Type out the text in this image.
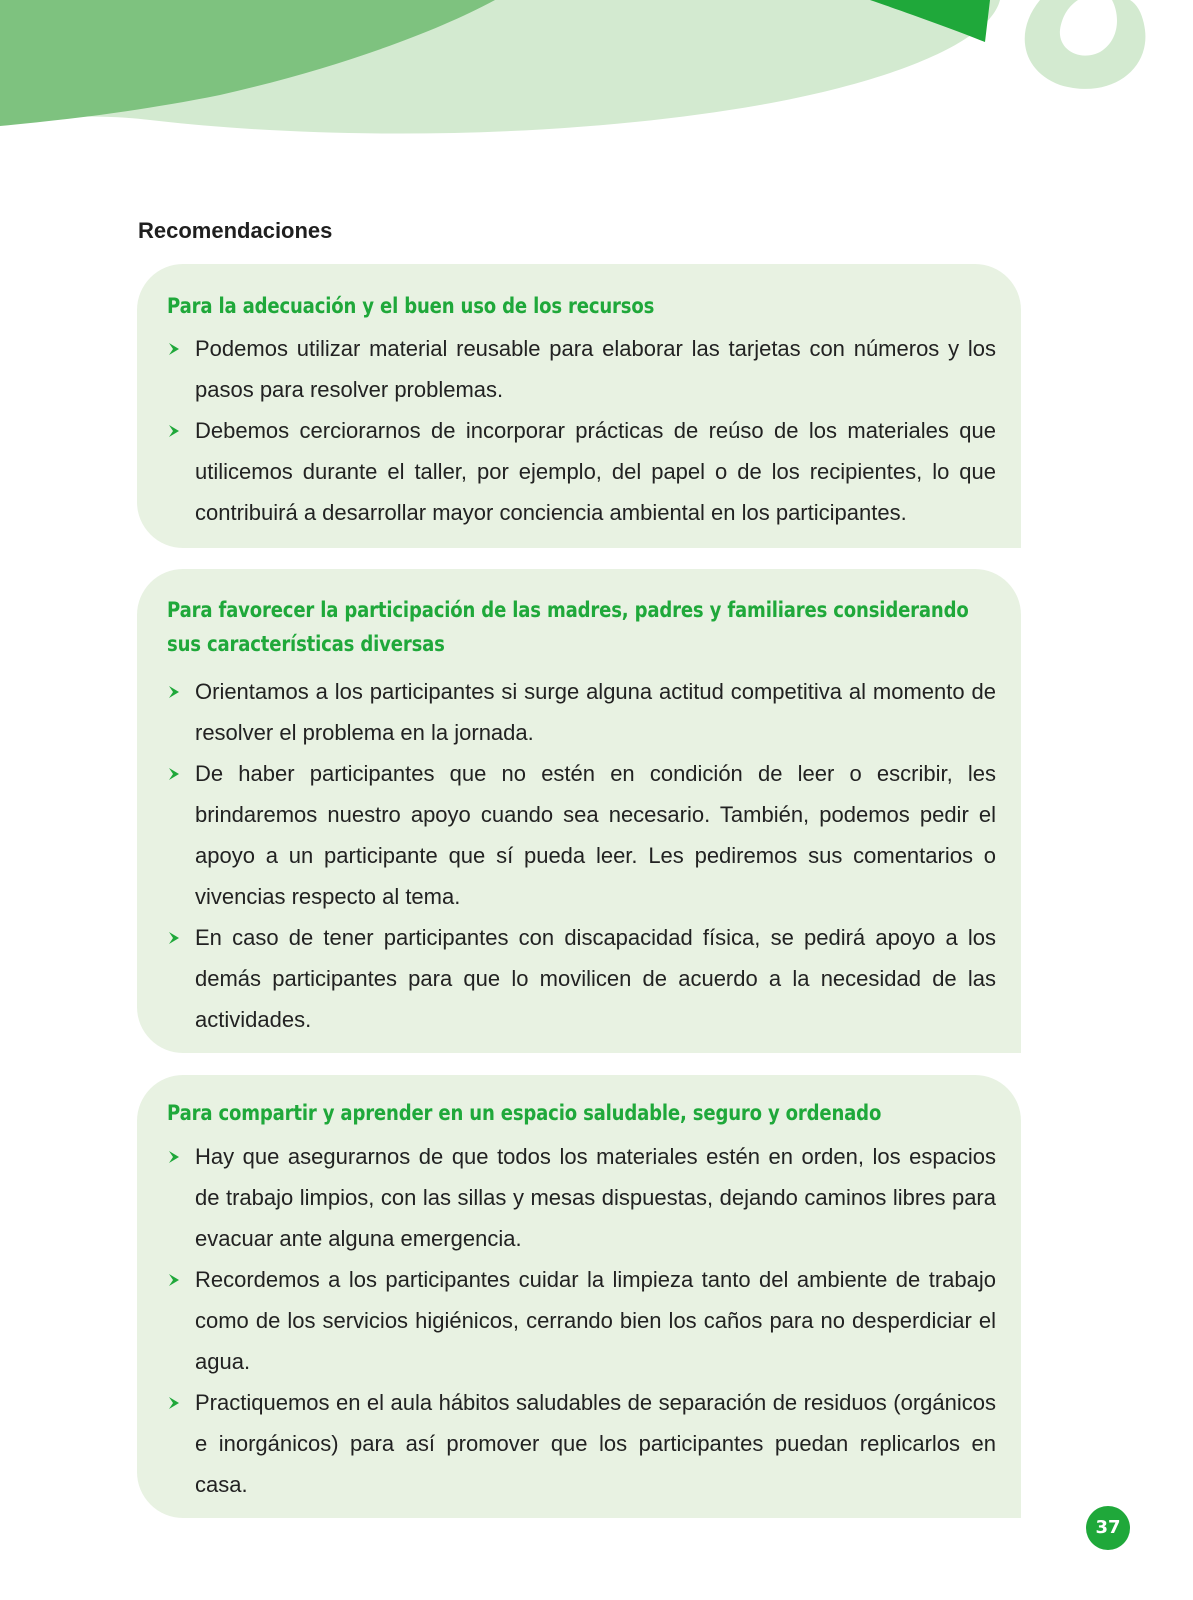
Recomendaciones
Para la adecuación y el buen uso de los recursos
Podemos utilizar material reusable para elaborar las tarjetas con números y los pasos para resolver problemas.
Debemos cerciorarnos de incorporar prácticas de reúso de los materiales que utilicemos durante el taller, por ejemplo, del papel o de los recipientes, lo que contribuirá a desarrollar mayor conciencia ambiental en los participantes.
Para favorecer la participación de las madres, padres y familiares considerando sus características diversas
Orientamos a los participantes si surge alguna actitud competitiva al momento de resolver el problema en la jornada.
De haber participantes que no estén en condición de leer o escribir, les brindaremos nuestro apoyo cuando sea necesario. También, podemos pedir el apoyo a un participante que sí pueda leer. Les pediremos sus comentarios o vivencias respecto al tema.
En caso de tener participantes con discapacidad física, se pedirá apoyo a los demás participantes para que lo movilicen de acuerdo a la necesidad de las actividades.
Para compartir y aprender en un espacio saludable, seguro y ordenado
Hay que asegurarnos de que todos los materiales estén en orden, los espacios de trabajo limpios, con las sillas y mesas dispuestas, dejando caminos libres para evacuar ante alguna emergencia.
Recordemos a los participantes cuidar la limpieza tanto del ambiente de trabajo como de los servicios higiénicos, cerrando bien los caños para no desperdiciar el agua.
Practiquemos en el aula hábitos saludables de separación de residuos (orgánicos e inorgánicos) para así promover que los participantes puedan replicarlos en casa.
37
